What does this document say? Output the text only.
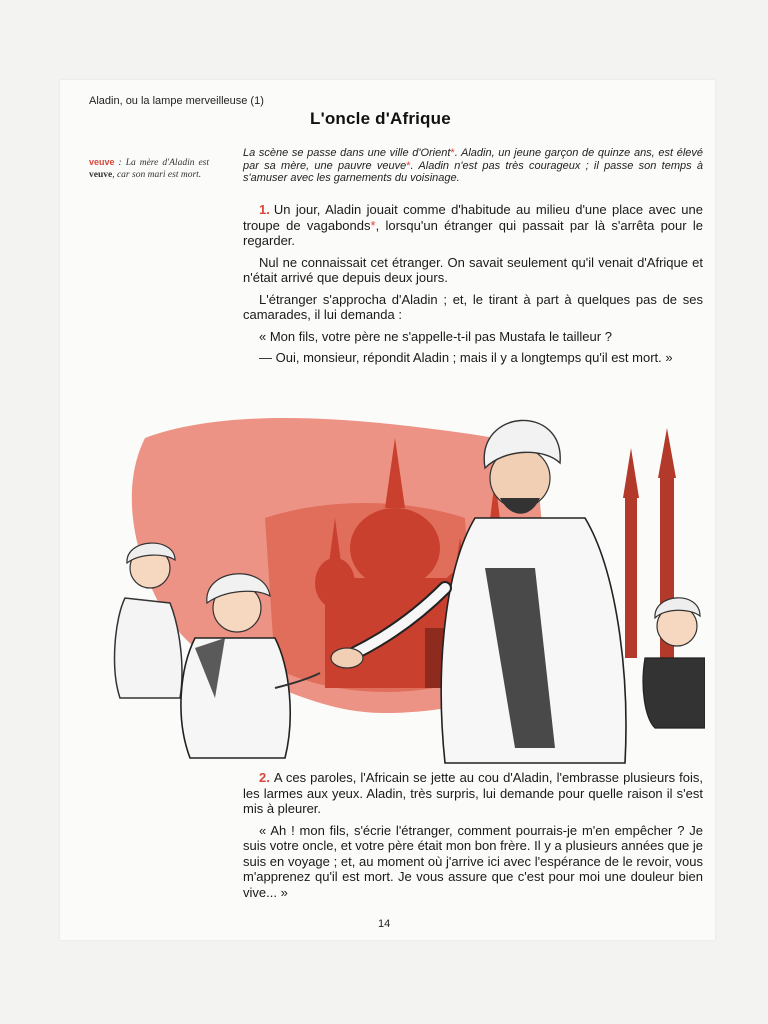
Aladin, ou la lampe merveilleuse (1)
L'oncle d'Afrique
veuve : La mère d'Aladin est veuve, car son mari est mort.
La scène se passe dans une ville d'Orient*. Aladin, un jeune garçon de quinze ans, est élevé par sa mère, une pauvre veuve*. Aladin n'est pas très courageux ; il passe son temps à s'amuser avec les garnements du voisinage.

1. Un jour, Aladin jouait comme d'habitude au milieu d'une place avec une troupe de vagabonds*, lorsqu'un étranger qui passait par là s'arrêta pour le regarder.

Nul ne connaissait cet étranger. On savait seulement qu'il venait d'Afrique et n'était arrivé que depuis deux jours.

L'étranger s'approcha d'Aladin ; et, le tirant à part à quelques pas de ses camarades, il lui demanda :

« Mon fils, votre père ne s'appelle-t-il pas Mustafa le tailleur ?

— Oui, monsieur, répondit Aladin ; mais il y a longtemps qu'il est mort. »

2. A ces paroles, l'Africain se jette au cou d'Aladin, l'embrasse plusieurs fois, les larmes aux yeux. Aladin, très surpris, lui demande pour quelle raison il s'est mis à pleurer.

« Ah ! mon fils, s'écrie l'étranger, comment pourrais-je m'en empêcher ? Je suis votre oncle, et votre père était mon bon frère. Il y a plusieurs années que je suis en voyage ; et, au moment où j'arrive ici avec l'espérance de le revoir, vous m'apprenez qu'il est mort. Je vous assure que c'est pour moi une douleur bien vive... »

14
